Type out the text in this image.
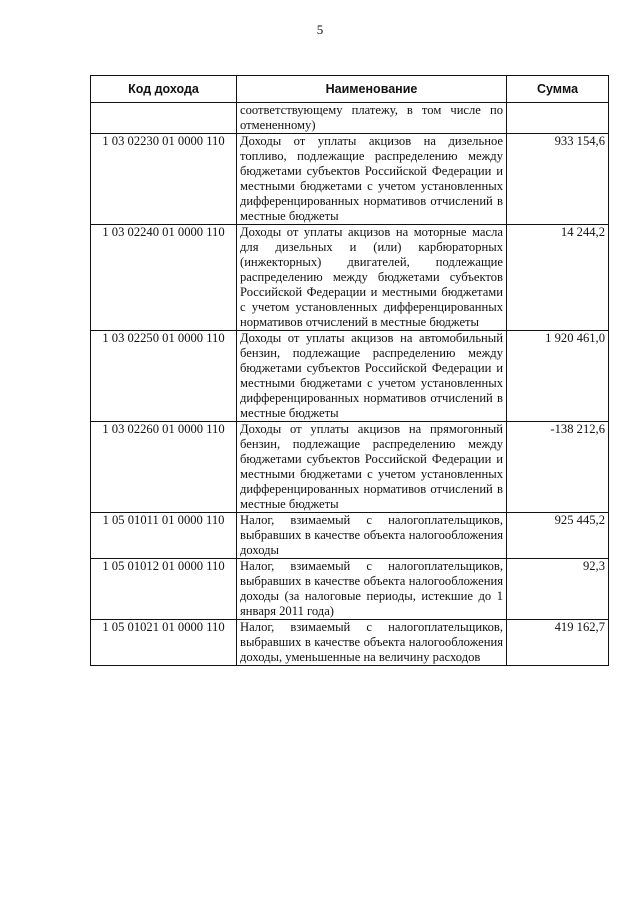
5
Код дохода	Наименование	Сумма
	соответствующему платежу, в том числе по отмененному)	
1 03 02230 01 0000 110	Доходы от уплаты акцизов на дизельное топливо, подлежащие распределению между бюджетами субъектов Российской Федерации и местными бюджетами с учетом установленных дифференцированных нормативов отчислений в местные бюджеты	933 154,6
1 03 02240 01 0000 110	Доходы от уплаты акцизов на моторные масла для дизельных и (или) карбюраторных (инжекторных) двигателей, подлежащие распределению между бюджетами субъектов Российской Федерации и местными бюджетами с учетом установленных дифференцированных нормативов отчислений в местные бюджеты	14 244,2
1 03 02250 01 0000 110	Доходы от уплаты акцизов на автомобильный бензин, подлежащие распределению между бюджетами субъектов Российской Федерации и местными бюджетами с учетом установленных дифференцированных нормативов отчислений в местные бюджеты	1 920 461,0
1 03 02260 01 0000 110	Доходы от уплаты акцизов на прямогонный бензин, подлежащие распределению между бюджетами субъектов Российской Федерации и местными бюджетами с учетом установленных дифференцированных нормативов отчислений в местные бюджеты	-138 212,6
1 05 01011 01 0000 110	Налог, взимаемый с налогоплательщиков, выбравших в качестве объекта налогообложения доходы	925 445,2
1 05 01012 01 0000 110	Налог, взимаемый с налогоплательщиков, выбравших в качестве объекта налогообложения доходы (за налоговые периоды, истекшие до 1 января 2011 года)	92,3
1 05 01021 01 0000 110	Налог, взимаемый с налогоплательщиков, выбравших в качестве объекта налогообложения доходы, уменьшенные на величину расходов	419 162,7
